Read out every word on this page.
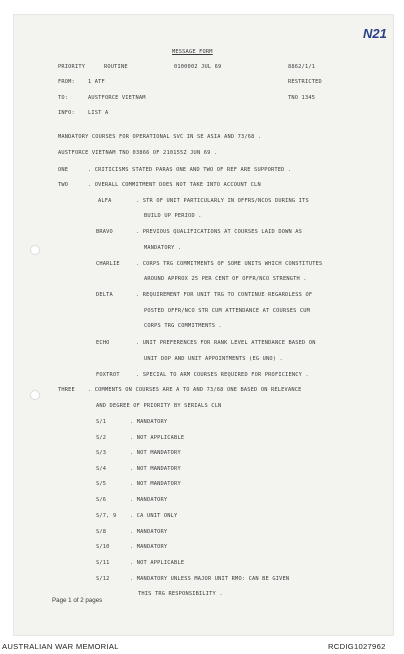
N21
MESSAGE FORM
PRIORITY	ROUTINE	0100002 JUL 69	8862/1/1
FROM: 1 ATF	RESTRICTED
TO:	AUSTFORCE VIETNAM	TNO 1345
INFO: LIST A
MANDATORY COURSES FOR OPERATIONAL SVC IN SE ASIA AND 73/68 .
AUSTFORCE VIETNAM TNO 03866 OF 210155Z JUN 69 .
ONE	. CRITICISMS STATED PARAS ONE AND TWO OF REF ARE SUPPORTED .
TWO	. OVERALL COMMITMENT DOES NOT TAKE INTO ACCOUNT CLN
ALFA	. STR OF UNIT PARTICULARLY IN OFFRS/NCOS DURING ITS
BUILD UP PERIOD .
BRAVO	. PREVIOUS QUALIFICATIONS AT COURSES LAID DOWN AS
MANDATORY .
CHARLIE	. CORPS TRG COMMITMENTS OF SOME UNITS WHICH CONSTITUTES
AROUND APPROX 25 PER CENT OF OFFR/NCO STRENGTH .
DELTA	. REQUIREMENT FOR UNIT TRG TO CONTINUE REGARDLESS OF
POSTED OFFR/NCO STR CUM ATTENDANCE AT COURSES CUM
CORPS TRG COMMITMENTS .
ECHO	. UNIT PREFERENCES FOR RANK LEVEL ATTENDANCE BASED ON
UNIT DOP AND UNIT APPOINTMENTS (EG UNO) .
FOXTROT	. SPECIAL TO ARM COURSES REQUIRED FOR PROFICIENCY .
THREE . COMMENTS ON COURSES ARE A TO AND 73/68 ONE BASED ON RELEVANCE
AND DEGREE OF PRIORITY BY SERIALS CLN
S/1	. MANDATORY
S/2	. NOT APPLICABLE
S/3	. NOT MANDATORY
S/4	. NOT MANDATORY
S/5	. NOT MANDATORY
S/6	. MANDATORY
S/7, 9	. CA UNIT ONLY
S/8	. MANDATORY
S/10	. MANDATORY
S/11	. NOT APPLICABLE
S/12	. MANDATORY UNLESS MAJOR UNIT RMO: CAN BE GIVEN
THIS TRG RESPONSIBILITY .
Page 1 of 2 pages
AUSTRALIAN WAR MEMORIAL	RCDIG1027962
